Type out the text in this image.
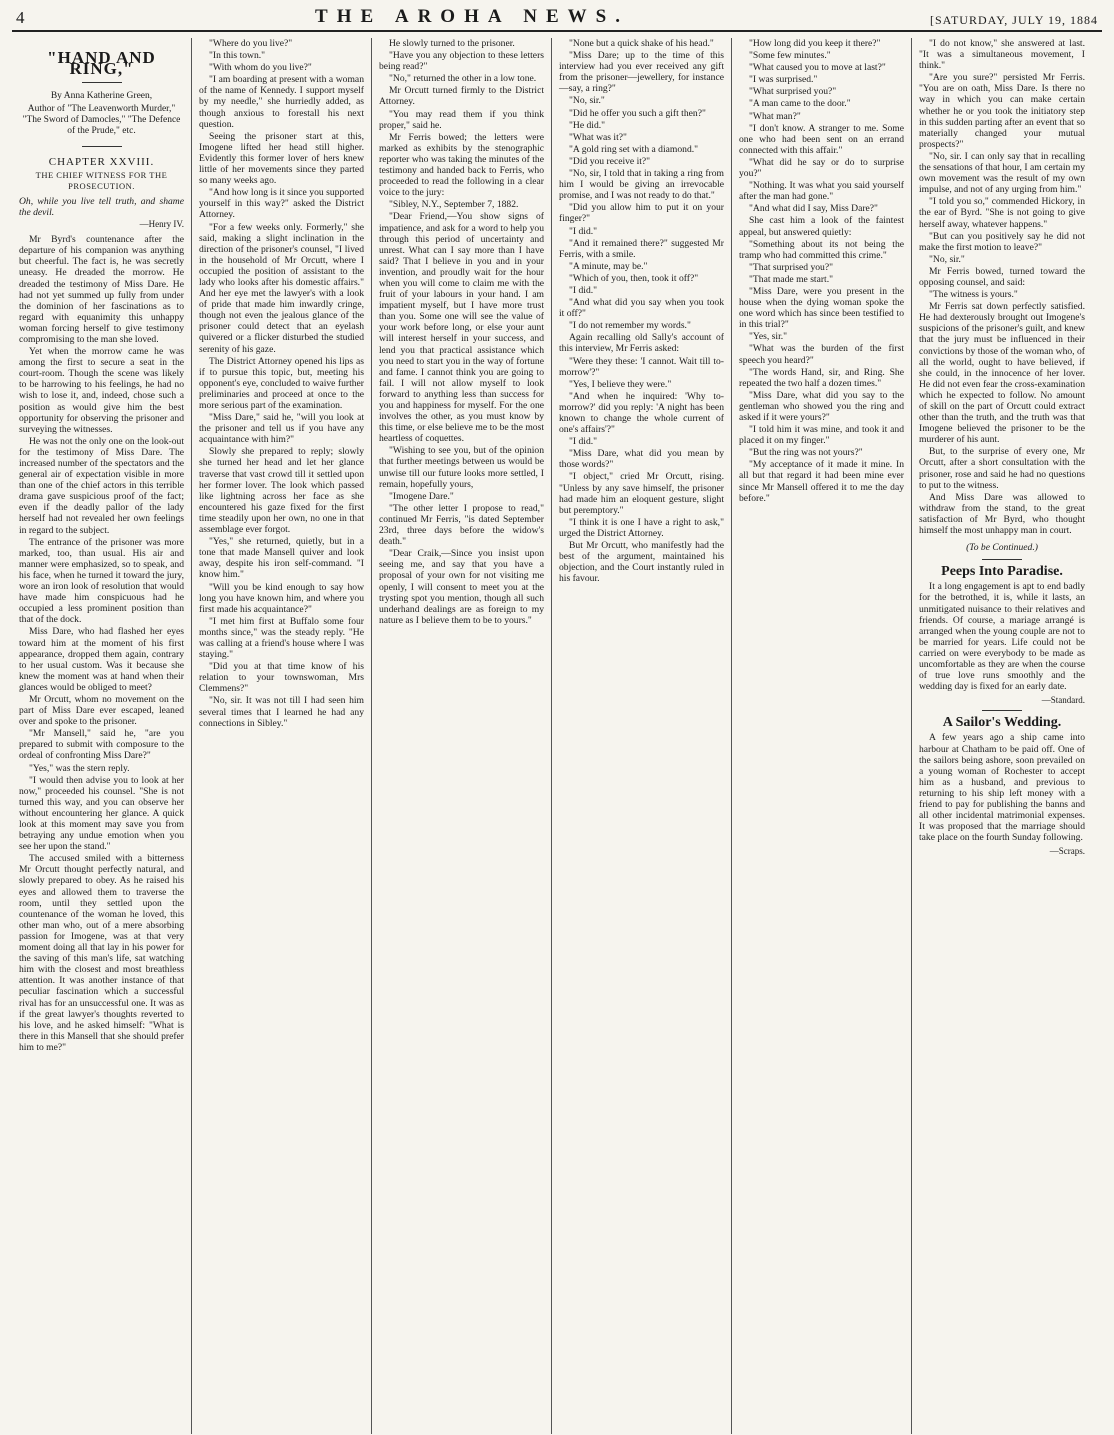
4	THE AROHA NEWS.	[SATURDAY, JULY 19, 1884
"HAND AND RING,"
By Anna Katherine Green,
Author of "The Leavenworth Murder," "The Sword of Damocles," "The Defence of the Prude," etc.
CHAPTER XXVIII.
THE CHIEF WITNESS FOR THE PROSECUTION.

Oh, while you live tell truth, and shame the devil.

—Henry IV.

Mr Byrd's countenance after the departure of his companion was anything but cheerful. The fact is, he was secretly uneasy. He dreaded the morrow. He dreaded the testimony of Miss Dare. He had not yet summed up fully from under the dominion of her fascinations as to regard with equanimity this unhappy woman forcing herself to give testimony compromising to the man she loved.

Yet when the morrow came he was among the first to secure a seat in the court-room. Though the scene was likely to be harrowing to his feelings, he had no wish to lose it, and, indeed, chose such a position as would give him the best opportunity for observing the prisoner and surveying the witnesses.

He was not the only one on the look-out for the testimony of Miss Dare. The increased number of the spectators and the general air of expectation visible in more than one of the chief actors in this terrible drama gave suspicious proof of the fact; even if the deadly pallor of the lady herself had not revealed her own feelings in regard to the subject.

The entrance of the prisoner was more marked, too, than usual. His air and manner were emphasized, so to speak, and his face, when he turned it toward the jury, wore an iron look of resolution that would have made him conspicuous had he occupied a less prominent position than that of the dock.

Miss Dare, who had flashed her eyes toward him at the moment of his first appearance, dropped them again, contrary to her usual custom. Was it because she knew the moment was at hand when their glances would be obliged to meet?

Mr Orcutt, whom no movement on the part of Miss Dare ever escaped, leaned over and spoke to the prisoner.

"Mr Mansell," said he, "are you prepared to submit with composure to the ordeal of confronting Miss Dare?"

"Yes," was the stern reply.

"I would then advise you to look at her now," proceeded his counsel. "She is not turned this way, and you can observe her without encountering her glance. A quick look at this moment may save you from betraying any undue emotion when you see her upon the stand."

The accused smiled with a bitterness Mr Orcutt thought perfectly natural, and slowly prepared to obey. As he raised his eyes and allowed them to traverse the room, until they settled upon the countenance of the woman he loved, this other man who, out of a mere absorbing passion for Imogene, was at that very moment doing all that lay in his power for the saving of this man's life, sat watching him with the closest and most breathless attention. It was another instance of that peculiar fascination which a successful rival has for an unsuccessful one. It was as if the great lawyer's thoughts reverted to his love, and he asked himself: "What is there in this Mansell that she should prefer him to me?"

"Where do you live?"

"In this town."

"With whom do you live?"

"I am boarding at present with a woman of the name of Kennedy. I support myself by my needle," she hurriedly added, as though anxious to forestall his next question.

Seeing the prisoner start at this, Imogene lifted her head still higher. Evidently this former lover of hers knew little of her movements since they parted so many weeks ago.

"And how long is it since you supported yourself in this way?" asked the District Attorney.

"For a few weeks only. Formerly," she said, making a slight inclination in the direction of the prisoner's counsel, "I lived in the household of Mr Orcutt, where I occupied the position of assistant to the lady who looks after his domestic affairs." And her eye met the lawyer's with a look of pride that made him inwardly cringe, though not even the jealous glance of the prisoner could detect that an eyelash quivered or a flicker disturbed the studied serenity of his gaze.

The District Attorney opened his lips as if to pursue this topic, but, meeting his opponent's eye, concluded to waive further preliminaries and proceed at once to the more serious part of the examination.

"Miss Dare," said he, "will you look at the prisoner and tell us if you have any acquaintance with him?"

Slowly she prepared to reply; slowly she turned her head and let her glance traverse that vast crowd till it settled upon her former lover. The look which passed like lightning across her face as she encountered his gaze fixed for the first time steadily upon her own, no one in that assemblage ever forgot.

"Yes," she returned, quietly, but in a tone that made Mansell quiver and look away, despite his iron self-command. "I know him."

"Will you be kind enough to say how long you have known him, and where you first made his acquaintance?"

"I met him first at Buffalo some four months since," was the steady reply. "He was calling at a friend's house where I was staying."

"Did you at that time know of his relation to your townswoman, Mrs Clemmens?"

"No, sir. It was not till I had seen him several times that I learned he had any connections in Sibley."

He slowly turned to the prisoner.

"Have you any objection to these letters being read?"

"No," returned the other in a low tone.

Mr Orcutt turned firmly to the District Attorney.

"You may read them if you think proper," said he.

Mr Ferris bowed; the letters were marked as exhibits by the stenographic reporter who was taking the minutes of the testimony and handed back to Ferris, who proceeded to read the following in a clear voice to the jury:

"Sibley, N.Y., September 7, 1882.

"Dear Friend,—You show signs of impatience, and ask for a word to help you through this period of uncertainty and unrest. What can I say more than I have said? That I believe in you and in your invention, and proudly wait for the hour when you will come to claim me with the fruit of your labours in your hand. I am impatient myself, but I have more trust than you. Some one will see the value of your work before long, or else your aunt will interest herself in your success, and lend you that practical assistance which you need to start you in the way of fortune and fame. I cannot think you are going to fail. I will not allow myself to look forward to anything less than success for you and happiness for myself. For the one involves the other, as you must know by this time, or else believe me to be the most heartless of coquettes.

"Wishing to see you, but of the opinion that further meetings between us would be unwise till our future looks more settled, I remain, hopefully yours,

"Imogene Dare."

"The other letter I propose to read," continued Mr Ferris, "is dated September 23rd, three days before the widow's death."

"Dear Craik,—Since you insist upon seeing me, and say that you have a proposal of your own for not visiting me openly, I will consent to meet you at the trysting spot you mention, though all such underhand dealings are as foreign to my nature as I believe them to be to yours."

"None but a quick shake of his head."

"Miss Dare; up to the time of this interview had you ever received any gift from the prisoner—jewellery, for instance—say, a ring?"

"No, sir."

"Did he offer you such a gift then?"

"He did."

"What was it?"

"A gold ring set with a diamond."

"Did you receive it?"

"No, sir, I told that in taking a ring from him I would be giving an irrevocable promise, and I was not ready to do that."

"Did you allow him to put it on your finger?"

"I did."

"And it remained there?" suggested Mr Ferris, with a smile.

"A minute, may be."

"Which of you, then, took it off?"

"I did."

"And what did you say when you took it off?"

"I do not remember my words."

Again recalling old Sally's account of this interview, Mr Ferris asked:

"Were they these: 'I cannot. Wait till to-morrow'?"

"Yes, I believe they were."

"And when he inquired: 'Why to-morrow?' did you reply: 'A night has been known to change the whole current of one's affairs'?"

"I did."

"Miss Dare, what did you mean by those words?"

"I object," cried Mr Orcutt, rising. "Unless by any save himself, the prisoner had made him an eloquent gesture, slight but peremptory."

"I think it is one I have a right to ask," urged the District Attorney.

But Mr Orcutt, who manifestly had the best of the argument, maintained his objection, and the Court instantly ruled in his favour.

"How long did you keep it there?"

"Some few minutes."

"What caused you to move at last?"

"I was surprised."

"What surprised you?"

"A man came to the door."

"What man?"

"I don't know. A stranger to me. Some one who had been sent on an errand connected with this affair."

"What did he say or do to surprise you?"

"Nothing. It was what you said yourself after the man had gone."

"And what did I say, Miss Dare?"

She cast him a look of the faintest appeal, but answered quietly:

"Something about its not being the tramp who had committed this crime."

"That surprised you?"

"That made me start."

"Miss Dare, were you present in the house when the dying woman spoke the one word which has since been testified to in this trial?"

"Yes, sir."

"What was the burden of the first speech you heard?"

"The words Hand, sir, and Ring. She repeated the two half a dozen times."

"Miss Dare, what did you say to the gentleman who showed you the ring and asked if it were yours?"

"I told him it was mine, and took it and placed it on my finger."

"But the ring was not yours?"

"My acceptance of it made it mine. In all but that regard it had been mine ever since Mr Mansell offered it to me the day before."

"I do not know," she answered at last. "It was a simultaneous movement, I think."

"Are you sure?" persisted Mr Ferris. "You are on oath, Miss Dare. Is there no way in which you can make certain whether he or you took the initiatory step in this sudden parting after an event that so materially changed your mutual prospects?"

"No, sir. I can only say that in recalling the sensations of that hour, I am certain my own movement was the result of my own impulse, and not of any urging from him."

"I told you so," commended Hickory, in the ear of Byrd. "She is not going to give herself away, whatever happens."

"But can you positively say he did not make the first motion to leave?"

"No, sir."

Mr Ferris bowed, turned toward the opposing counsel, and said:

"The witness is yours."

Mr Ferris sat down perfectly satisfied. He had dexterously brought out Imogene's suspicions of the prisoner's guilt, and knew that the jury must be influenced in their convictions by those of the woman who, of all the world, ought to have believed, if she could, in the innocence of her lover. He did not even fear the cross-examination which he expected to follow. No amount of skill on the part of Orcutt could extract other than the truth, and the truth was that Imogene believed the prisoner to be the murderer of his aunt.

But, to the surprise of every one, Mr Orcutt, after a short consultation with the prisoner, rose and said he had no questions to put to the witness.

And Miss Dare was allowed to withdraw from the stand, to the great satisfaction of Mr Byrd, who thought himself the most unhappy man in court.

(To be Continued.)
Peeps Into Paradise.

It a long engagement is apt to end badly for the betrothed, it is, while it lasts, an unmitigated nuisance to their relatives and friends. Of course, a mariage arrangé is arranged when the young couple are not to be married for years. Life could not be carried on were everybody to be made as uncomfortable as they are when the course of true love runs smoothly and the wedding day is fixed for an early date.

—Standard.
A Sailor's Wedding.

A few years ago a ship came into harbour at Chatham to be paid off. One of the sailors being ashore, soon prevailed on a young woman of Rochester to accept him as a husband, and previous to returning to his ship left money with a friend to pay for publishing the banns and all other incidental matrimonial expenses. It was proposed that the marriage should take place on the fourth Sunday following.

—Scraps.
